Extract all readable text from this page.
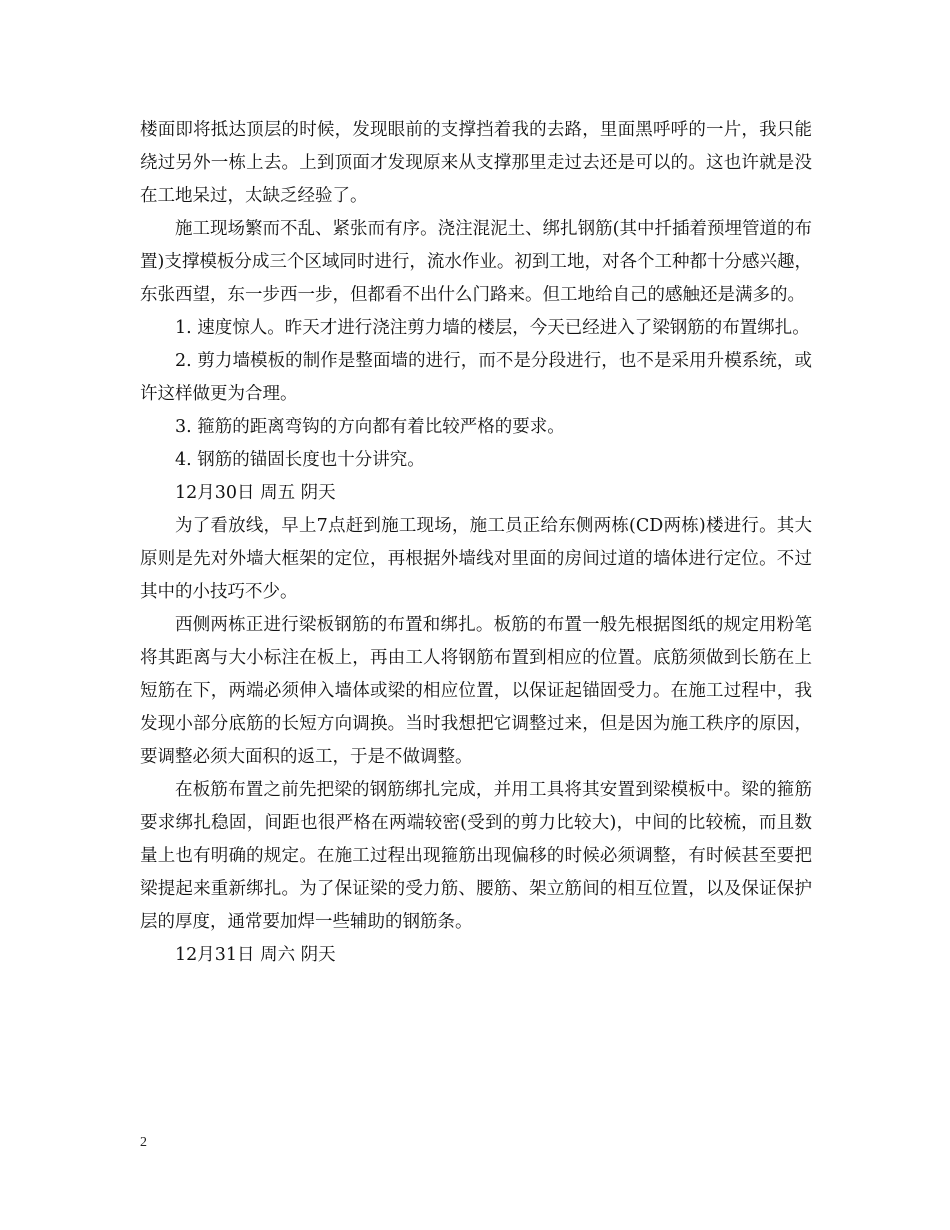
楼面即将抵达顶层的时候，发现眼前的支撑挡着我的去路，里面黑呼呼的一片，我只能绕过另外一栋上去。上到顶面才发现原来从支撑那里走过去还是可以的。这也许就是没在工地呆过，太缺乏经验了。

施工现场繁而不乱、紧张而有序。浇注混泥土、绑扎钢筋(其中扦插着预埋管道的布置)支撑模板分成三个区域同时进行，流水作业。初到工地，对各个工种都十分感兴趣，东张西望，东一步西一步，但都看不出什么门路来。但工地给自己的感触还是满多的。

1. 速度惊人。昨天才进行浇注剪力墙的楼层，今天已经进入了梁钢筋的布置绑扎。

2. 剪力墙模板的制作是整面墙的进行，而不是分段进行，也不是采用升模系统，或许这样做更为合理。

3. 箍筋的距离弯钩的方向都有着比较严格的要求。

4. 钢筋的锚固长度也十分讲究。

12月30日 周五 阴天

为了看放线，早上7点赶到施工现场，施工员正给东侧两栋(CD两栋)楼进行。其大原则是先对外墙大框架的定位，再根据外墙线对里面的房间过道的墙体进行定位。不过其中的小技巧不少。

西侧两栋正进行梁板钢筋的布置和绑扎。板筋的布置一般先根据图纸的规定用粉笔将其距离与大小标注在板上，再由工人将钢筋布置到相应的位置。底筋须做到长筋在上短筋在下，两端必须伸入墙体或梁的相应位置，以保证起锚固受力。在施工过程中，我发现小部分底筋的长短方向调换。当时我想把它调整过来，但是因为施工秩序的原因，要调整必须大面积的返工，于是不做调整。

在板筋布置之前先把梁的钢筋绑扎完成，并用工具将其安置到梁模板中。梁的箍筋要求绑扎稳固，间距也很严格在两端较密(受到的剪力比较大)，中间的比较梳，而且数量上也有明确的规定。在施工过程出现箍筋出现偏移的时候必须调整，有时候甚至要把梁提起来重新绑扎。为了保证梁的受力筋、腰筋、架立筋间的相互位置，以及保证保护层的厚度，通常要加焊一些辅助的钢筋条。

12月31日 周六 阴天

2
